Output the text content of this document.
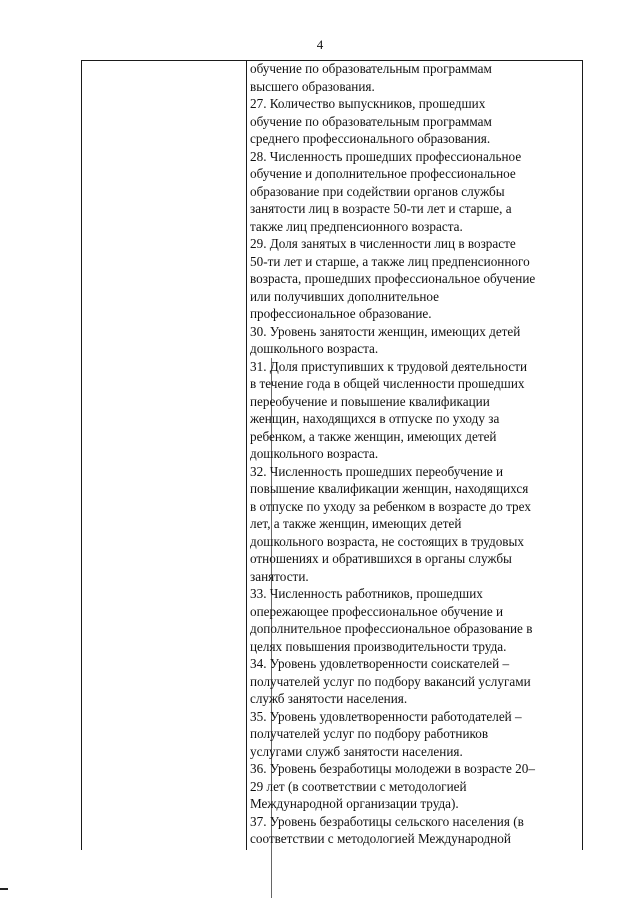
4
обучение по образовательным программам
высшего образования.
27. Количество выпускников, прошедших
обучение по образовательным программам
среднего профессионального образования.
28. Численность прошедших профессиональное
обучение и дополнительное профессиональное
образование при содействии органов службы
занятости лиц в возрасте 50-ти лет и старше, а
также лиц предпенсионного возраста.
29. Доля занятых в численности лиц в возрасте
50-ти лет и старше, а также лиц предпенсионного
возраста, прошедших профессиональное обучение
или получивших дополнительное
профессиональное образование.
30. Уровень занятости женщин, имеющих детей
дошкольного возраста.
31. Доля приступивших к трудовой деятельности
в течение года в общей численности прошедших
переобучение и повышение квалификации
женщин, находящихся в отпуске по уходу за
ребенком, а также женщин, имеющих детей
дошкольного возраста.
32. Численность прошедших переобучение и
повышение квалификации женщин, находящихся
в отпуске по уходу за ребенком в возрасте до трех
лет, а также женщин, имеющих детей
дошкольного возраста, не состоящих в трудовых
отношениях и обратившихся в органы службы
занятости.
33. Численность работников, прошедших
опережающее профессиональное обучение и
дополнительное профессиональное образование в
целях повышения производительности труда.
34. Уровень удовлетворенности соискателей –
получателей услуг по подбору вакансий услугами
служб занятости населения.
35. Уровень удовлетворенности работодателей –
получателей услуг по подбору работников
услугами служб занятости населения.
36. Уровень безработицы молодежи в возрасте 20–
29 лет (в соответствии с методологией
Международной организации труда).
37. Уровень безработицы сельского населения (в
соответствии с методологией Международной
